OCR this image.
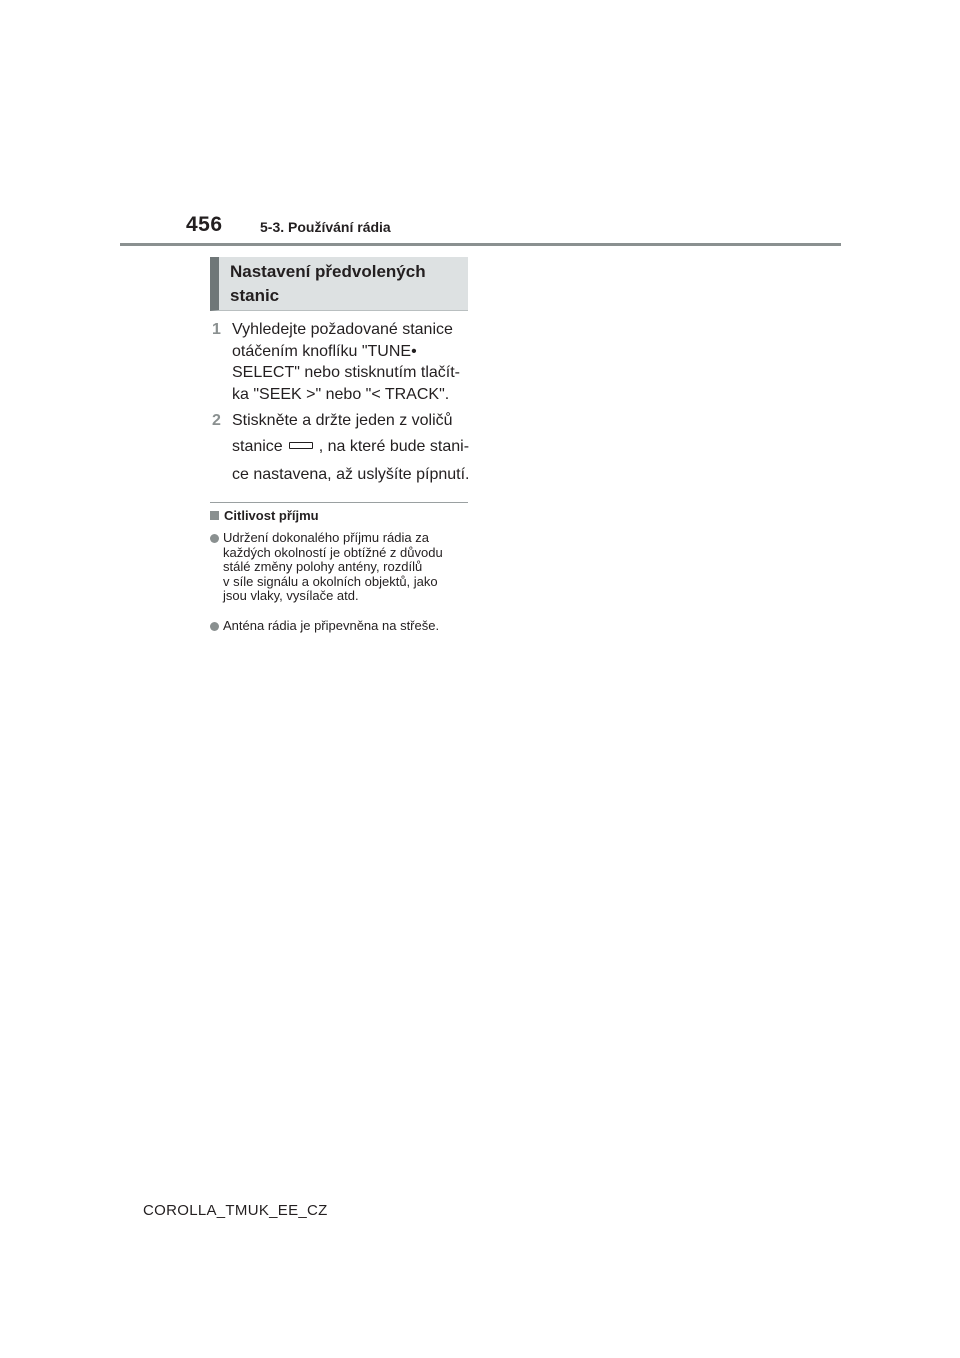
456	5-3. Používání rádia
Nastavení předvolených
stanic
1 Vyhledejte požadované stanice
otáčením knoflíku "TUNE•
SELECT" nebo stisknutím tlačít-
ka "SEEK >" nebo "< TRACK".
2 Stiskněte a držte jeden z voličů
stanice , na které bude stani-
ce nastavena, až uslyšíte pípnutí.
Citlivost příjmu
Udržení dokonalého příjmu rádia za
každých okolností je obtížné z důvodu
stálé změny polohy antény, rozdílů
v síle signálu a okolních objektů, jako
jsou vlaky, vysílače atd.
Anténa rádia je připevněna na střeše.
COROLLA_TMUK_EE_CZ
